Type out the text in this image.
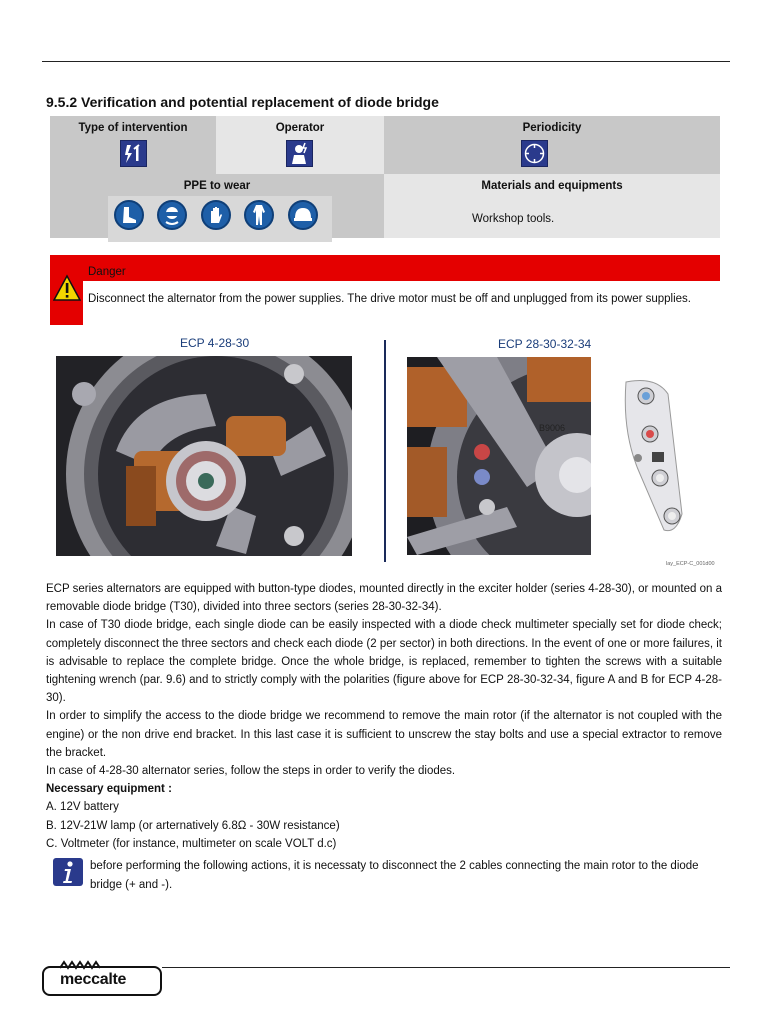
9.5.2 Verification and potential replacement of diode bridge
Type of intervention	Operator	Periodicity
PPE to wear	Materials and equipments
Workshop tools.
Danger
Disconnect the alternator from the power supplies. The drive motor must be off and unplugged from its power supplies.
ECP 4-28-30	ECP 28-30-32-34
B9006
lay_ECP-C_001d00

ECP series alternators are equipped with button-type diodes, mounted directly in the exciter holder (series 4-28-30), or mounted on a removable diode bridge (T30), divided into three sectors (series 28-30-32-34).

In case of T30 diode bridge, each single diode can be easily inspected with a diode check multimeter specially set for diode check; completely disconnect the three sectors and check each diode (2 per sector) in both directions. In the event of one or more failures, it is advisable to replace the complete bridge. Once the whole bridge, is replaced, remember to tighten the screws with a suitable tightening wrench (par. 9.6) and to strictly comply with the polarities (figure above for ECP 28-30-32-34, figure A and B for ECP 4-28-30).

In order to simplify the access to the diode bridge we recommend to remove the main rotor (if the alternator is not coupled with the engine) or the non drive end bracket. In this last case it is sufficient to unscrew the stay bolts and use a special extractor to remove the bracket.

In case of 4-28-30 alternator series, follow the steps in order to verify the diodes.

Necessary equipment :

A. 12V battery

B. 12V-21W lamp (or arternatively 6.8Ω - 30W resistance)

C. Voltmeter (for instance, multimeter on scale VOLT d.c)

before performing the following actions, it is necessaty to disconnect the 2 cables connecting the main rotor to the diode bridge (+ and -).
meccalte
